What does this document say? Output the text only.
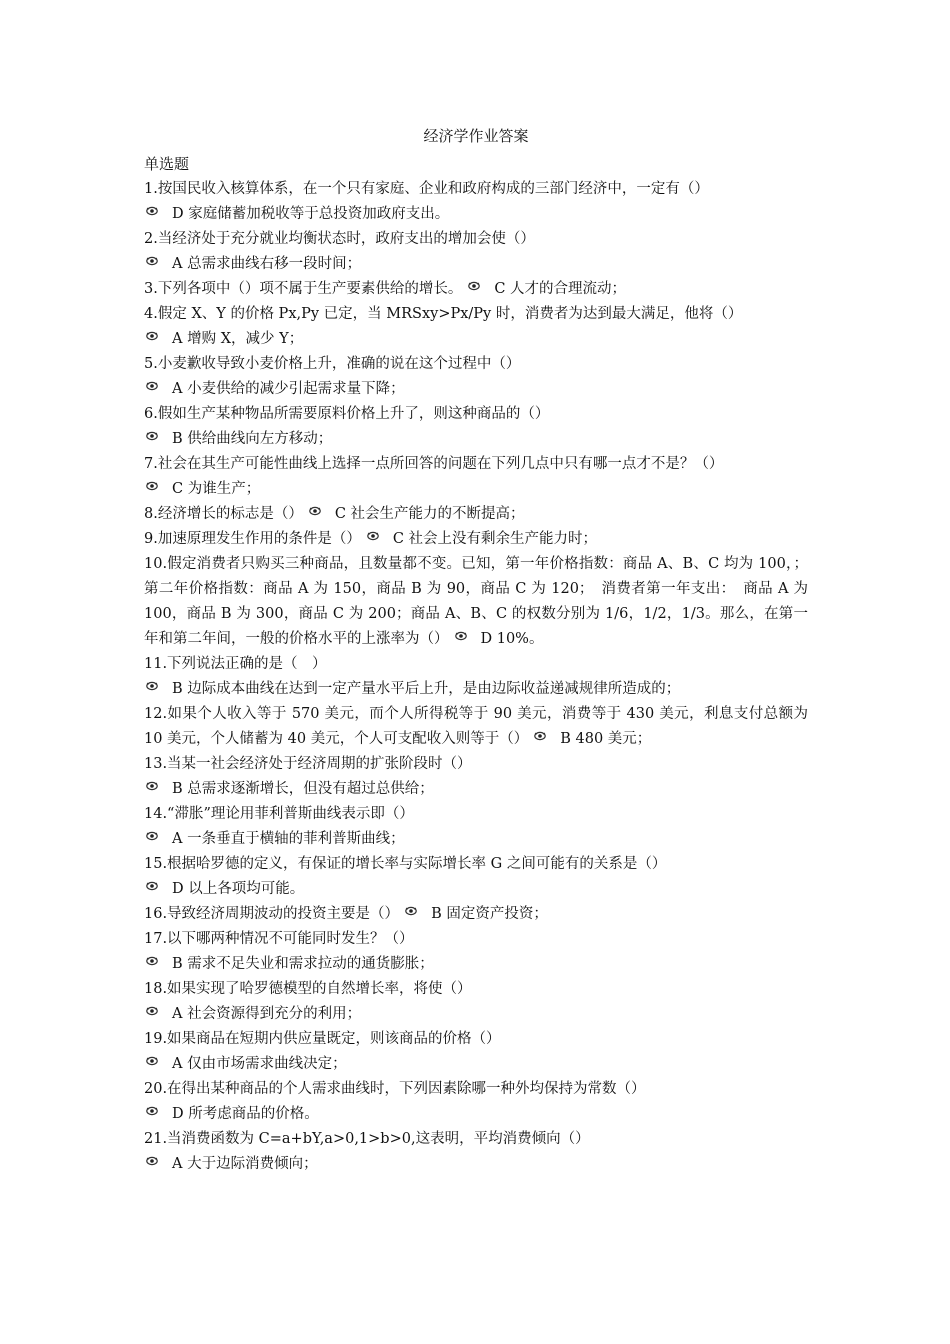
经济学作业答案
单选题
1.按国民收入核算体系，在一个只有家庭、企业和政府构成的三部门经济中，一定有（）
D 家庭储蓄加税收等于总投资加政府支出。
2.当经济处于充分就业均衡状态时，政府支出的增加会使（）
A 总需求曲线右移一段时间；
3.下列各项中（）项不属于生产要素供给的增长。 C 人才的合理流动；
4.假定 X、Y 的价格 Px,Py 已定，当 MRSxy>Px/Py 时，消费者为达到最大满足，他将（）
A 增购 X，减少 Y；
5.小麦歉收导致小麦价格上升，准确的说在这个过程中（）
A 小麦供给的减少引起需求量下降；
6.假如生产某种物品所需要原料价格上升了，则这种商品的（）
B 供给曲线向左方移动；
7.社会在其生产可能性曲线上选择一点所回答的问题在下列几点中只有哪一点才不是？（）
C 为谁生产；
8.经济增长的标志是（） C 社会生产能力的不断提高；
9.加速原理发生作用的条件是（） C 社会上没有剩余生产能力时；
10.假定消费者只购买三种商品，且数量都不变。已知，第一年价格指数：商品 A、B、C 均为 100，；第二年价格指数：商品 A 为 150，商品 B 为 90，商品 C 为 120；　消费者第一年支出：　商品 A 为 100，商品 B 为 300，商品 C 为 200；商品 A、B、C 的权数分别为 1/6，1/2，1/3。那么，在第一年和第二年间，一般的价格水平的上涨率为（） D 10%。
11.下列说法正确的是（　）
B 边际成本曲线在达到一定产量水平后上升，是由边际收益递减规律所造成的；
12.如果个人收入等于 570 美元，而个人所得税等于 90 美元，消费等于 430 美元，利息支付总额为 10 美元，个人储蓄为 40 美元，个人可支配收入则等于（） B 480 美元；
13.当某一社会经济处于经济周期的扩张阶段时（）
B 总需求逐渐增长，但没有超过总供给；
14.“滞胀”理论用菲利普斯曲线表示即（）
A 一条垂直于横轴的菲利普斯曲线；
15.根据哈罗德的定义，有保证的增长率与实际增长率 G 之间可能有的关系是（）
D 以上各项均可能。
16.导致经济周期波动的投资主要是（） B 固定资产投资；
17.以下哪两种情况不可能同时发生？（）
B 需求不足失业和需求拉动的通货膨胀；
18.如果实现了哈罗德模型的自然增长率，将使（）
A 社会资源得到充分的利用；
19.如果商品在短期内供应量既定，则该商品的价格（）
A 仅由市场需求曲线决定；
20.在得出某种商品的个人需求曲线时，下列因素除哪一种外均保持为常数（）
D 所考虑商品的价格。
21.当消费函数为 C=a+bY,a>0,1>b>0,这表明，平均消费倾向（）
A 大于边际消费倾向；
